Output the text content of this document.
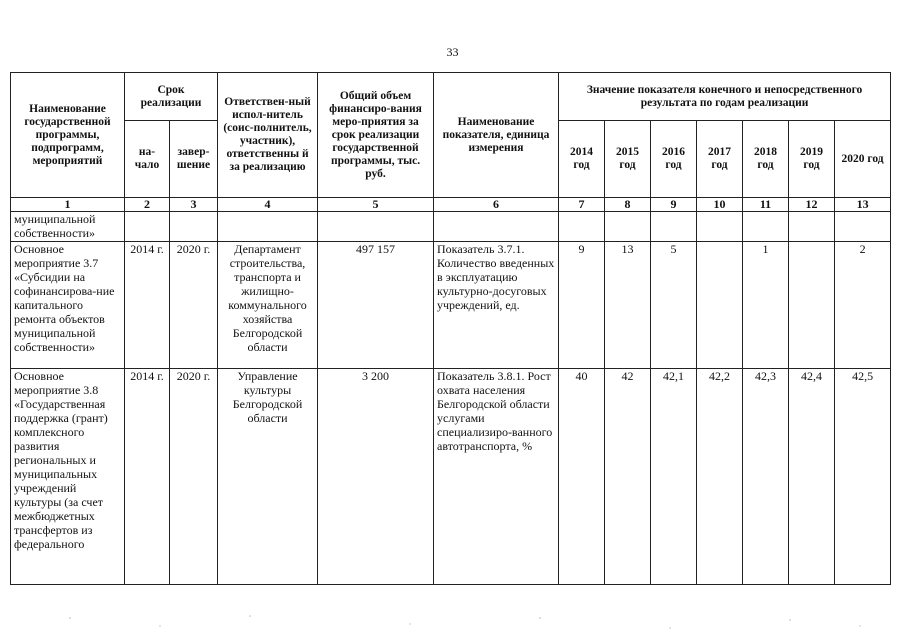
33
Наименование государственной программы, подпрограмм, мероприятий	Срок реализации		Ответствен-ный испол-нитель (соис-полнитель, участник), ответственны й за реализацию	Общий объем финансиро-вания меро-приятия за срок реализации государственной программы, тыс. руб.	Наименование показателя, единица измерения	Значение показателя конечного и непосредственного результата по годам реализации						
	на-чало	завер-шение				2014 год	2015 год	2016 год	2017 год	2018 год	2019 год	2020 год
1	2	3	4	5	6	7	8	9	10	11	12	13
муниципальной собственности»												
Основное мероприятие 3.7 «Субсидии на софинансирова-ние капитального ремонта объектов муниципальной собственности»	2014 г.	2020 г.	Департамент строительства, транспорта и жилищно-коммунального хозяйства Белгородской области	497 157	Показатель 3.7.1. Количество введенных в эксплуатацию культурно-досуговых учреждений, ед.	9	13	5		1		2
Основное мероприятие 3.8 «Государственная поддержка (грант) комплексного развития региональных и муниципальных учреждений культуры (за счет межбюджетных трансфертов из федерального	2014 г.	2020 г.	Управление культуры Белгородской области	3 200	Показатель 3.8.1. Рост охвата населения Белгородской области услугами специализиро-ванного автотранспорта, %	40	42	42,1	42,2	42,3	42,4	42,5
